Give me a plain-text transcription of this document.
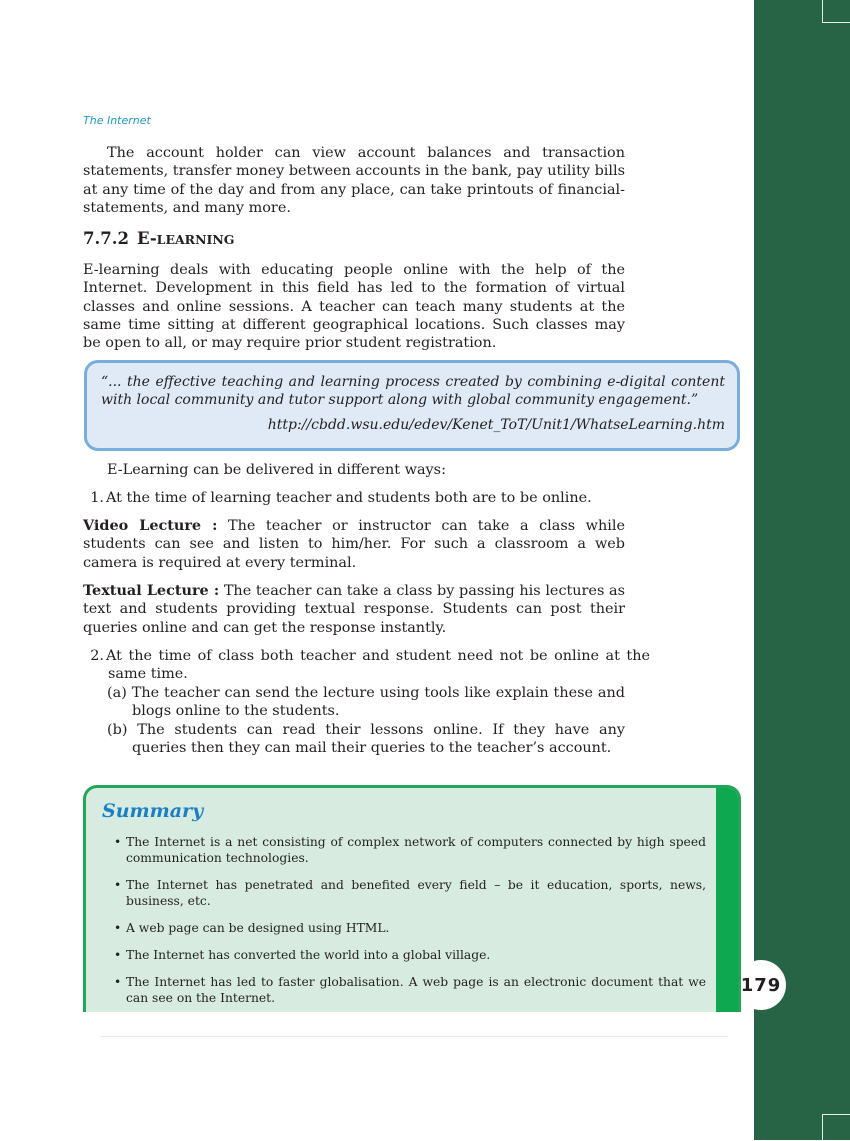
179
The Internet

The account holder can view account balances and transaction statements, transfer money between accounts in the bank, pay utility bills at any time of the day and from any place, can take printouts of financial-statements, and many more.

7.7.2 E-LEARNING

E-learning deals with educating people online with the help of the Internet. Development in this field has led to the formation of virtual classes and online sessions. A teacher can teach many students at the same time sitting at different geographical locations. Such classes may be open to all, or may require prior student registration.

“... the effective teaching and learning process created by combining e-digital content with local community and tutor support along with global community engagement.”

http://cbdd.wsu.edu/edev/Kenet_ToT/Unit1/WhatseLearning.htm

E-Learning can be delivered in different ways:

1. At the time of learning teacher and students both are to be online.

Video Lecture : The teacher or instructor can take a class while students can see and listen to him/her. For such a classroom a web camera is required at every terminal.

Textual Lecture : The teacher can take a class by passing his lectures as text and students providing textual response. Students can post their queries online and can get the response instantly.

2. At the time of class both teacher and student need not be online at the same time.
(a) The teacher can send the lecture using tools like explain these and blogs online to the students.
(b) The students can read their lessons online. If they have any queries then they can mail their queries to the teacher’s account.
Summary
• The Internet is a net consisting of complex network of computers connected by high speed communication technologies.
• The Internet has penetrated and benefited every field – be it education, sports, news, business, etc.
• A web page can be designed using HTML.
• The Internet has converted the world into a global village.
• The Internet has led to faster globalisation. A web page is an electronic document that we can see on the Internet.
